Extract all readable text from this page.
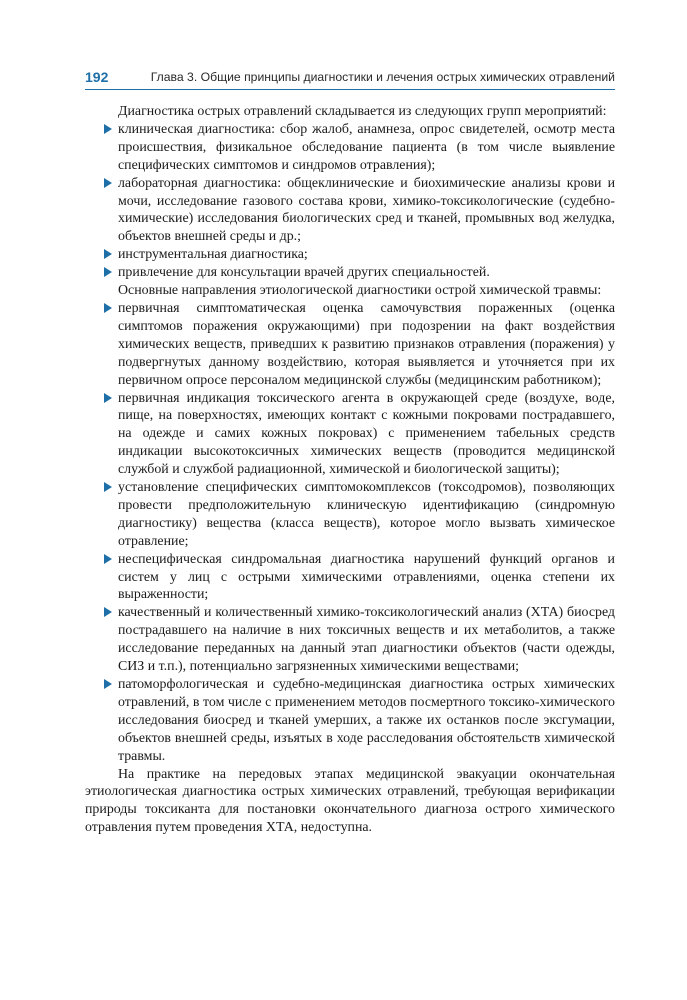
192	Глава 3. Общие принципы диагностики и лечения острых химических отравлений

Диагностика острых отравлений складывается из следующих групп мероприятий:

клиническая диагностика: сбор жалоб, анамнеза, опрос свидетелей, осмотр места происшествия, физикальное обследование пациента (в том числе выявление специфических симптомов и синдромов отравления);
лабораторная диагностика: общеклинические и биохимические анализы крови и мочи, исследование газового состава крови, химико-токсикологические (судебно-химические) исследования биологических сред и тканей, промывных вод желудка, объектов внешней среды и др.;
инструментальная диагностика;
привлечение для консультации врачей других специальностей.

Основные направления этиологической диагностики острой химической травмы:

первичная симптоматическая оценка самочувствия пораженных (оценка симптомов поражения окружающими) при подозрении на факт воздействия химических веществ, приведших к развитию признаков отравления (поражения) у подвергнутых данному воздействию, которая выявляется и уточняется при их первичном опросе персоналом медицинской службы (медицинским работником);
первичная индикация токсического агента в окружающей среде (воздухе, воде, пище, на поверхностях, имеющих контакт с кожными покровами пострадавшего, на одежде и самих кожных покровах) с применением табельных средств индикации высокотоксичных химических веществ (проводится медицинской службой и службой радиационной, химической и биологической защиты);
установление специфических симптомокомплексов (токсодромов), позволяющих провести предположительную клиническую идентификацию (синдромную диагностику) вещества (класса веществ), которое могло вызвать химическое отравление;
неспецифическая синдромальная диагностика нарушений функций органов и систем у лиц с острыми химическими отравлениями, оценка степени их выраженности;
качественный и количественный химико-токсикологический анализ (ХТА) биосред пострадавшего на наличие в них токсичных веществ и их метаболитов, а также исследование переданных на данный этап диагностики объектов (части одежды, СИЗ и т.п.), потенциально загрязненных химическими веществами;
патоморфологическая и судебно-медицинская диагностика острых химических отравлений, в том числе с применением методов посмертного токсико-химического исследования биосред и тканей умерших, а также их останков после эксгумации, объектов внешней среды, изъятых в ходе расследования обстоятельств химической травмы.

На практике на передовых этапах медицинской эвакуации окончательная этиологическая диагностика острых химических отравлений, требующая верификации природы токсиканта для постановки окончательного диагноза острого химического отравления путем проведения ХТА, недоступна.
